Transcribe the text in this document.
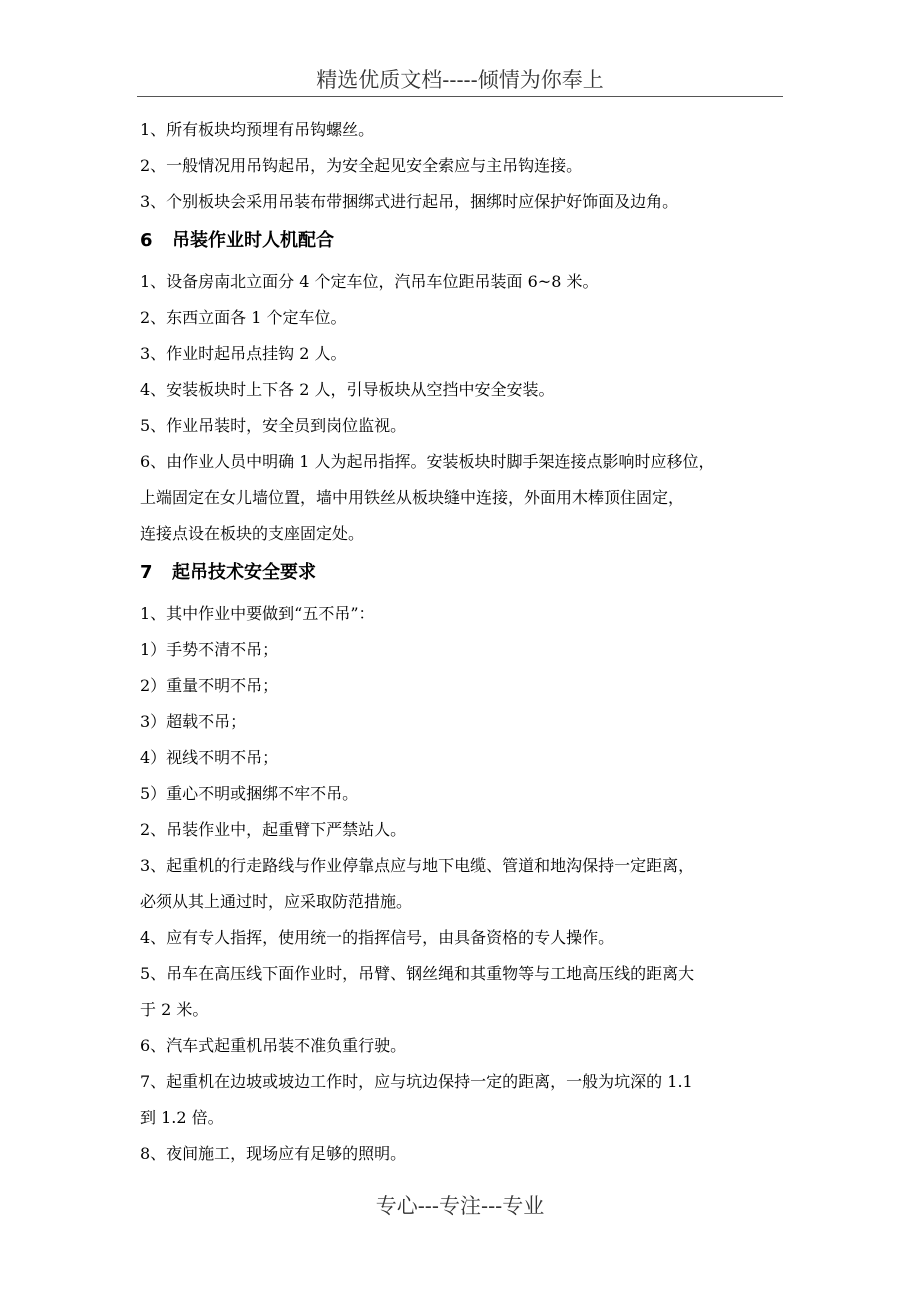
精选优质文档-----倾情为你奉上

1、所有板块均预埋有吊钩螺丝。

2、一般情况用吊钩起吊，为安全起见安全索应与主吊钩连接。

3、个别板块会采用吊装布带捆绑式进行起吊，捆绑时应保护好饰面及边角。

6 吊装作业时人机配合

1、设备房南北立面分 4 个定车位，汽吊车位距吊装面 6~8 米。

2、东西立面各 1 个定车位。

3、作业时起吊点挂钩 2 人。

4、安装板块时上下各 2 人，引导板块从空挡中安全安装。

5、作业吊装时，安全员到岗位监视。

6、由作业人员中明确 1 人为起吊指挥。安装板块时脚手架连接点影响时应移位，

上端固定在女儿墙位置，墙中用铁丝从板块缝中连接，外面用木棒顶住固定，

连接点设在板块的支座固定处。

7 起吊技术安全要求

1、其中作业中要做到“五不吊”：

1）手势不清不吊；

2）重量不明不吊；

3）超载不吊；

4）视线不明不吊；

5）重心不明或捆绑不牢不吊。

2、吊装作业中，起重臂下严禁站人。

3、起重机的行走路线与作业停靠点应与地下电缆、管道和地沟保持一定距离，

必须从其上通过时，应采取防范措施。

4、应有专人指挥，使用统一的指挥信号，由具备资格的专人操作。

5、吊车在高压线下面作业时，吊臂、钢丝绳和其重物等与工地高压线的距离大

于 2 米。

6、汽车式起重机吊装不准负重行驶。

7、起重机在边坡或坡边工作时，应与坑边保持一定的距离，一般为坑深的 1.1

到 1.2 倍。

8、夜间施工，现场应有足够的照明。

专心---专注---专业
